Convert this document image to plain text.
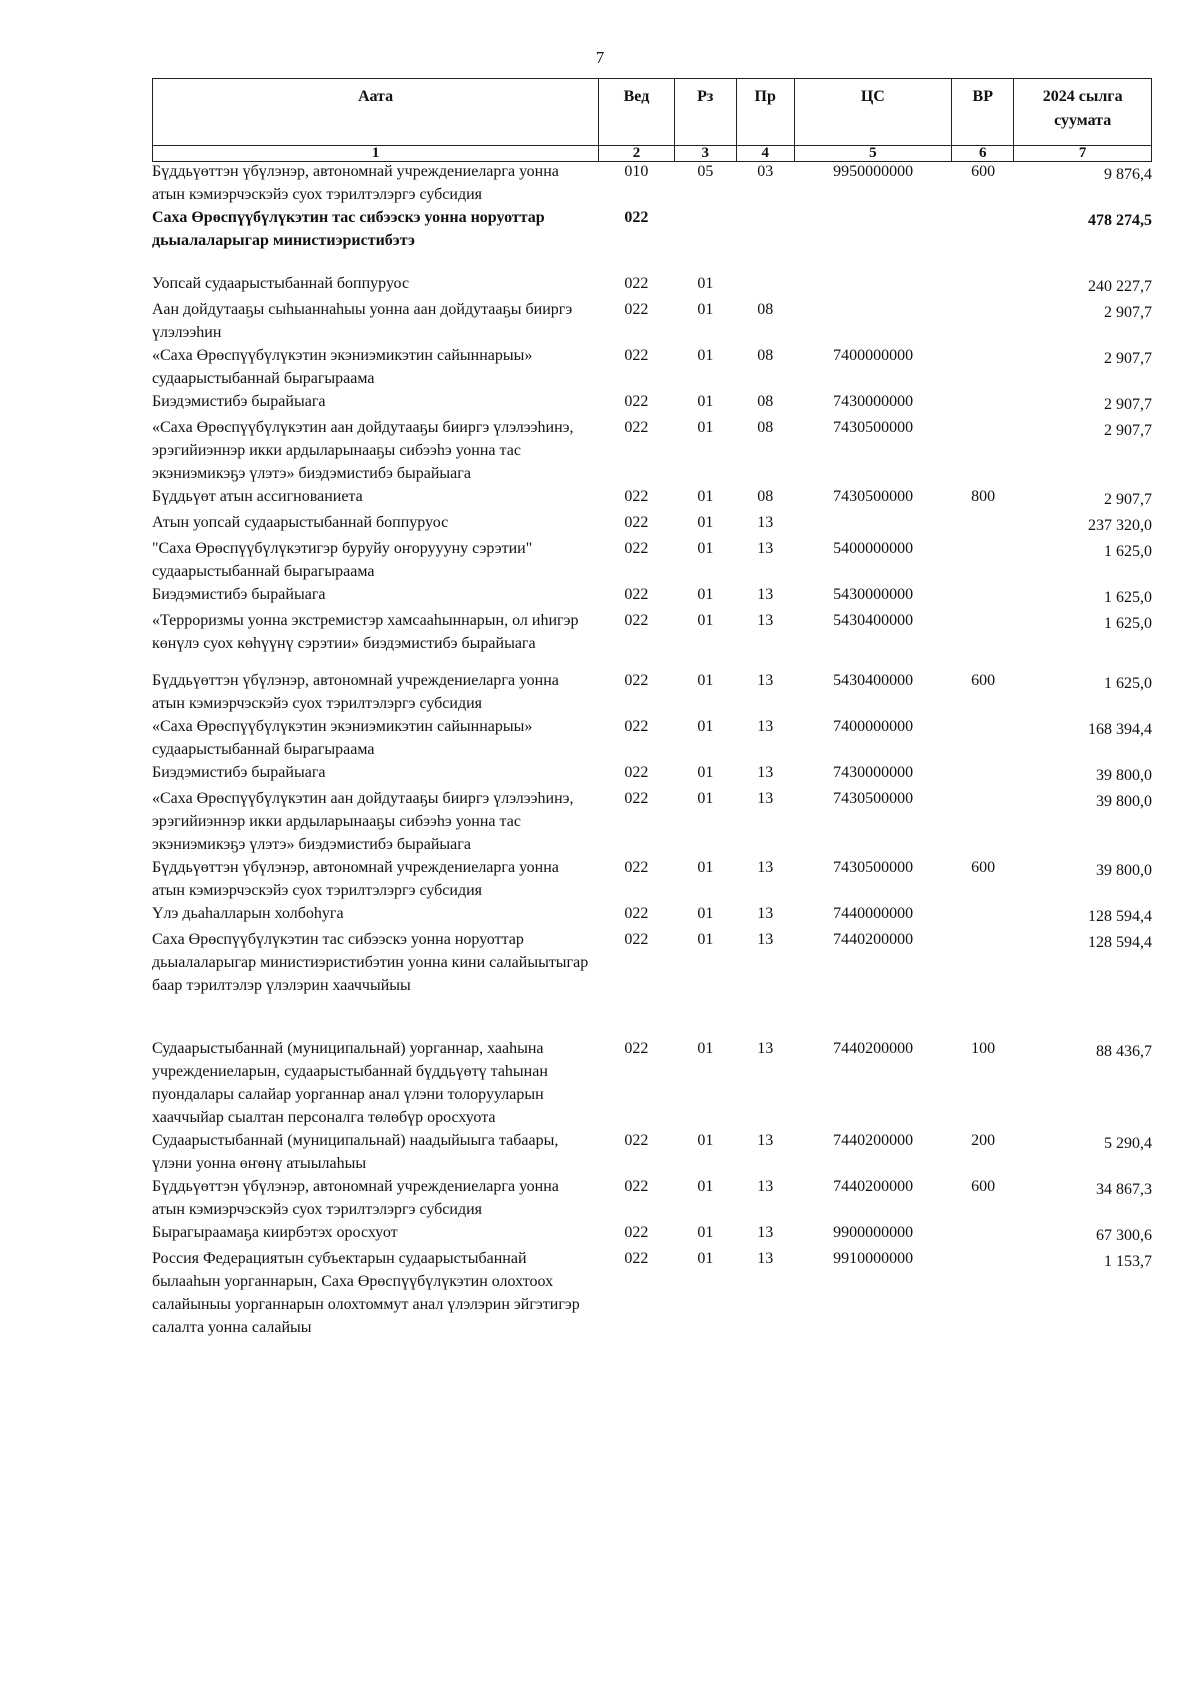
7
Аата	Вед	Рз	Пр	ЦС	ВР	2024 сылга
суумата
1	2	3	4	5	6	7
Бүддьүөттэн үбүлэнэр, автономнай учреждениеларга уонна атын кэмиэрчэскэйэ суох тэрилтэлэргэ субсидия	010	05	03	9950000000	600	9 876,4
Саха Өрөспүүбүлүкэтин тас сибээскэ уонна норуоттар дьыалаларыгар министиэристибэтэ	022					478 274,5
Уопсай судаарыстыбаннай боппуруос	022	01				240 227,7
Аан дойдутааҕы сыһыаннаһыы уонна аан дойдутааҕы бииргэ үлэлээһин	022	01	08			2 907,7
«Саха Өрөспүүбүлүкэтин экэниэмикэтин сайыннарыы» судаарыстыбаннай бырагыраама	022	01	08	7400000000		2 907,7
Биэдэмистибэ бырайыага	022	01	08	7430000000		2 907,7
«Саха Өрөспүүбүлүкэтин аан дойдутааҕы бииргэ үлэлээһинэ, эрэгийиэннэр икки ардыларынааҕы сибээһэ уонна тас экэниэмикэҕэ үлэтэ» биэдэмистибэ бырайыага	022	01	08	7430500000		2 907,7
Бүддьүөт атын ассигнованиета	022	01	08	7430500000	800	2 907,7
Атын уопсай судаарыстыбаннай боппуруос	022	01	13			237 320,0
"Саха Өрөспүүбүлүкэтигэр буруйу оҥоруууну сэрэтии" судаарыстыбаннай бырагыраама	022	01	13	5400000000		1 625,0
Биэдэмистибэ бырайыага	022	01	13	5430000000		1 625,0
«Терроризмы уонна экстремистэр хамсааһыннарын, ол иһигэр көнүлэ суох көһүүнү сэрэтии» биэдэмистибэ бырайыага	022	01	13	5430400000		1 625,0
Бүддьүөттэн үбүлэнэр, автономнай учреждениеларга уонна атын кэмиэрчэскэйэ суох тэрилтэлэргэ субсидия	022	01	13	5430400000	600	1 625,0
«Саха Өрөспүүбүлүкэтин экэниэмикэтин сайыннарыы» судаарыстыбаннай бырагыраама	022	01	13	7400000000		168 394,4
Биэдэмистибэ бырайыага	022	01	13	7430000000		39 800,0
«Саха Өрөспүүбүлүкэтин аан дойдутааҕы бииргэ үлэлээһинэ, эрэгийиэннэр икки ардыларынааҕы сибээһэ уонна тас экэниэмикэҕэ үлэтэ» биэдэмистибэ бырайыага	022	01	13	7430500000		39 800,0
Бүддьүөттэн үбүлэнэр, автономнай учреждениеларга уонна атын кэмиэрчэскэйэ суох тэрилтэлэргэ субсидия	022	01	13	7430500000	600	39 800,0
Үлэ дьаһалларын холбоһуга	022	01	13	7440000000		128 594,4
Саха Өрөспүүбүлүкэтин тас сибээскэ уонна норуоттар дьыалаларыгар министиэристибэтин уонна кини салайыытыгар баар тэрилтэлэр үлэлэрин хааччыйыы	022	01	13	7440200000		128 594,4
Судаарыстыбаннай (муниципальнай) уорганнар, хааһына учреждениеларын, судаарыстыбаннай бүддьүөтү таһынан пуондалары салайар уорганнар анал үлэни толорууларын хааччыйар сыалтан персоналга төлөбүр оросхуота	022	01	13	7440200000	100	88 436,7
Судаарыстыбаннай (муниципальнай) наадыйыыга табаары, үлэни уонна өҥөнү атыылаһыы	022	01	13	7440200000	200	5 290,4
Бүддьүөттэн үбүлэнэр, автономнай учреждениеларга уонна атын кэмиэрчэскэйэ суох тэрилтэлэргэ субсидия	022	01	13	7440200000	600	34 867,3
Бырагыраамаҕа киирбэтэх оросхуот	022	01	13	9900000000		67 300,6
Россия Федерациятын субъектарын судаарыстыбаннай былааһын уорганнарын, Саха Өрөспүүбүлүкэтин олохтоох салайыныы уорганнарын олохтоммут анал үлэлэрин эйгэтигэр салалта уонна салайыы	022	01	13	9910000000		1 153,7
